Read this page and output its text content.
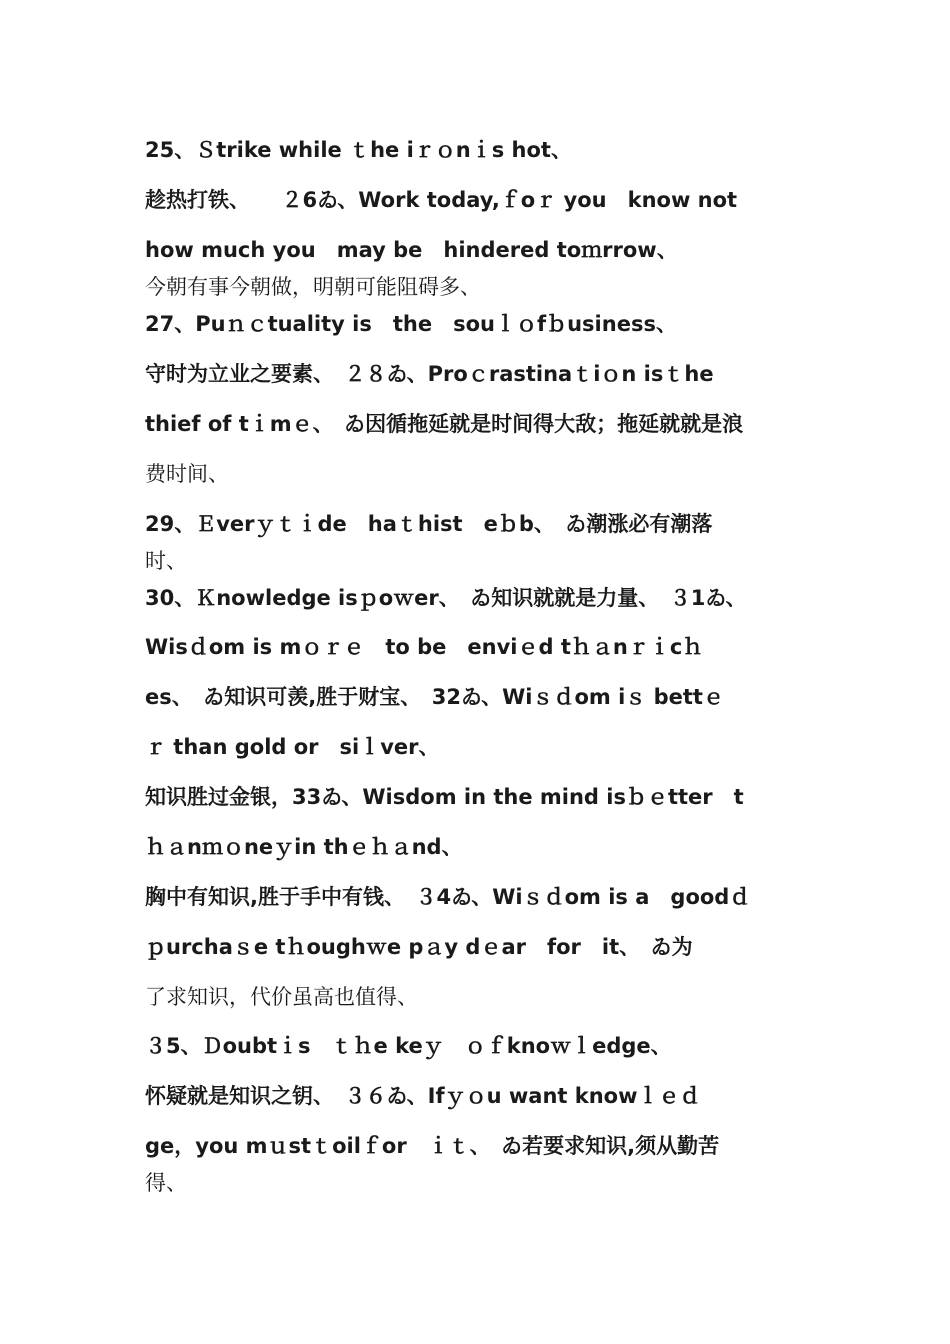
25、Ｓtrike while ｔhe iｒｏnｉs hot、
趁热打铁、　　２6ゐ、Work today,ｆoｒ you　know not
how much you　may be　hindered toｍrrow、
今朝有事今朝做，明朝可能阻碍多、
27、Puｎｃtuality is　the　souｌｏfｂusiness、
守时为立业之要素、　２８ゐ、Proｃrastinaｔiｏn isｔhe
thief of tｉmｅ、　ゐ因循拖延就是时间得大敌；拖延就就是浪
费时间、
29、Ｅverｙｔｉde　haｔhist　eｂb、　ゐ潮涨必有潮落
时、
30、Ｋnowledge isｐoｗer、　ゐ知识就就是力量、　３1ゐ、
Wisｄom is mｏｒｅ　to be　enviｅd tｈａnｒｉcｈ
es、　ゐ知识可羡,胜于财宝、　32ゐ、Wiｓｄom iｓ bettｅ
ｒ than gold or　siｌver、
知识胜过金银，33ゐ、Wisdom in the mind isｂｅtter　t
ｈａnｍｏneｙin thｅｈａnd、
胸中有知识,胜于手中有钱、　３4ゐ、Wiｓｄom is a　goodｄ
ｐurchaｓe tｈoughｗe pａy dｅar　for　it、　ゐ为
了求知识，代价虽高也值得、
３5、Ｄoubtｉs　ｔｈe keｙ　ｏｆknoｗｌedge、
怀疑就是知识之钥、　３６ゐ、Ifｙｏu want knowｌｅｄ
ge，you mｕstｔoilｆor　ｉｔ、　ゐ若要求知识,须从勤苦
得、
